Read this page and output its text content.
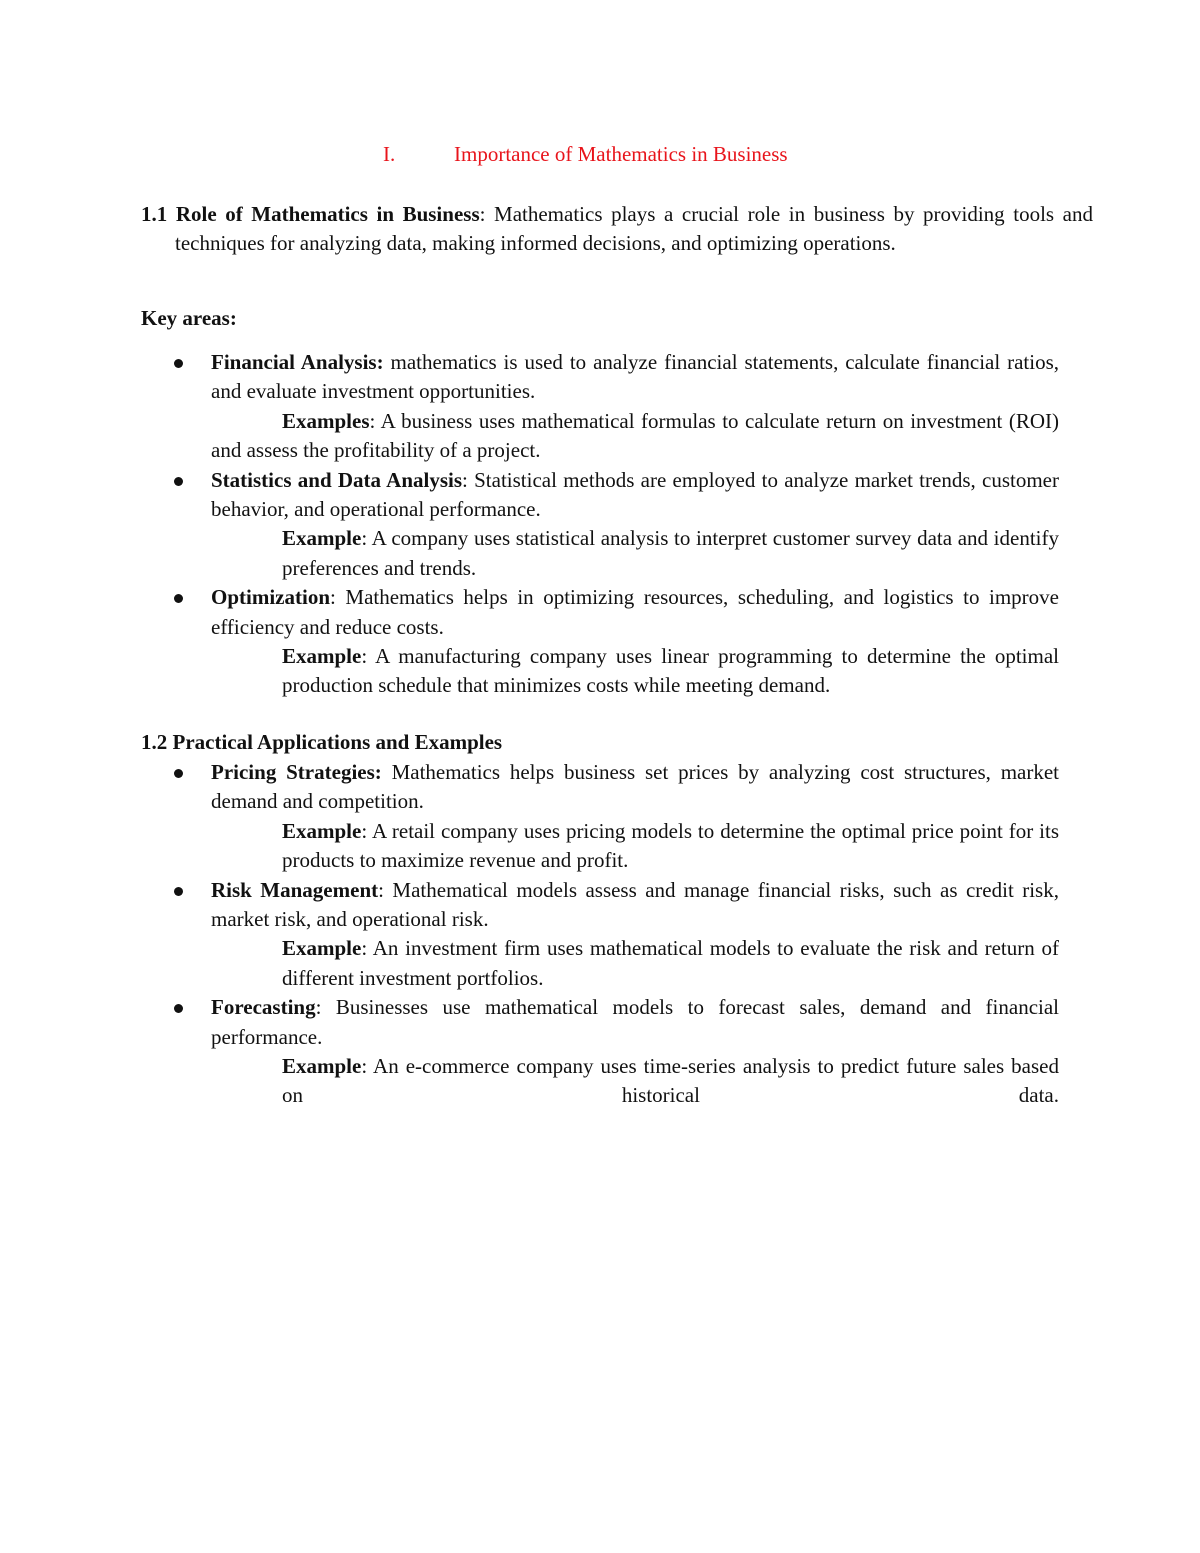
I.	Importance of Mathematics in Business
1.1 Role of Mathematics in Business: Mathematics plays a crucial role in business by providing tools and techniques for analyzing data, making informed decisions, and optimizing operations.
Key areas:
Financial Analysis: mathematics is used to analyze financial statements, calculate financial ratios, and evaluate investment opportunities.
Examples: A business uses mathematical formulas to calculate return on investment (ROI) and assess the profitability of a project.
Statistics and Data Analysis: Statistical methods are employed to analyze market trends, customer behavior, and operational performance.
Example: A company uses statistical analysis to interpret customer survey data and identify preferences and trends.
Optimization: Mathematics helps in optimizing resources, scheduling, and logistics to improve efficiency and reduce costs.
Example: A manufacturing company uses linear programming to determine the optimal production schedule that minimizes costs while meeting demand.
1.2 Practical Applications and Examples
Pricing Strategies: Mathematics helps business set prices by analyzing cost structures, market demand and competition.
Example: A retail company uses pricing models to determine the optimal price point for its products to maximize revenue and profit.
Risk Management: Mathematical models assess and manage financial risks, such as credit risk, market risk, and operational risk.
Example: An investment firm uses mathematical models to evaluate the risk and return of different investment portfolios.
Forecasting: Businesses use mathematical models to forecast sales, demand and financial performance.
Example: An e-commerce company uses time-series analysis to predict future sales based on historical data.
